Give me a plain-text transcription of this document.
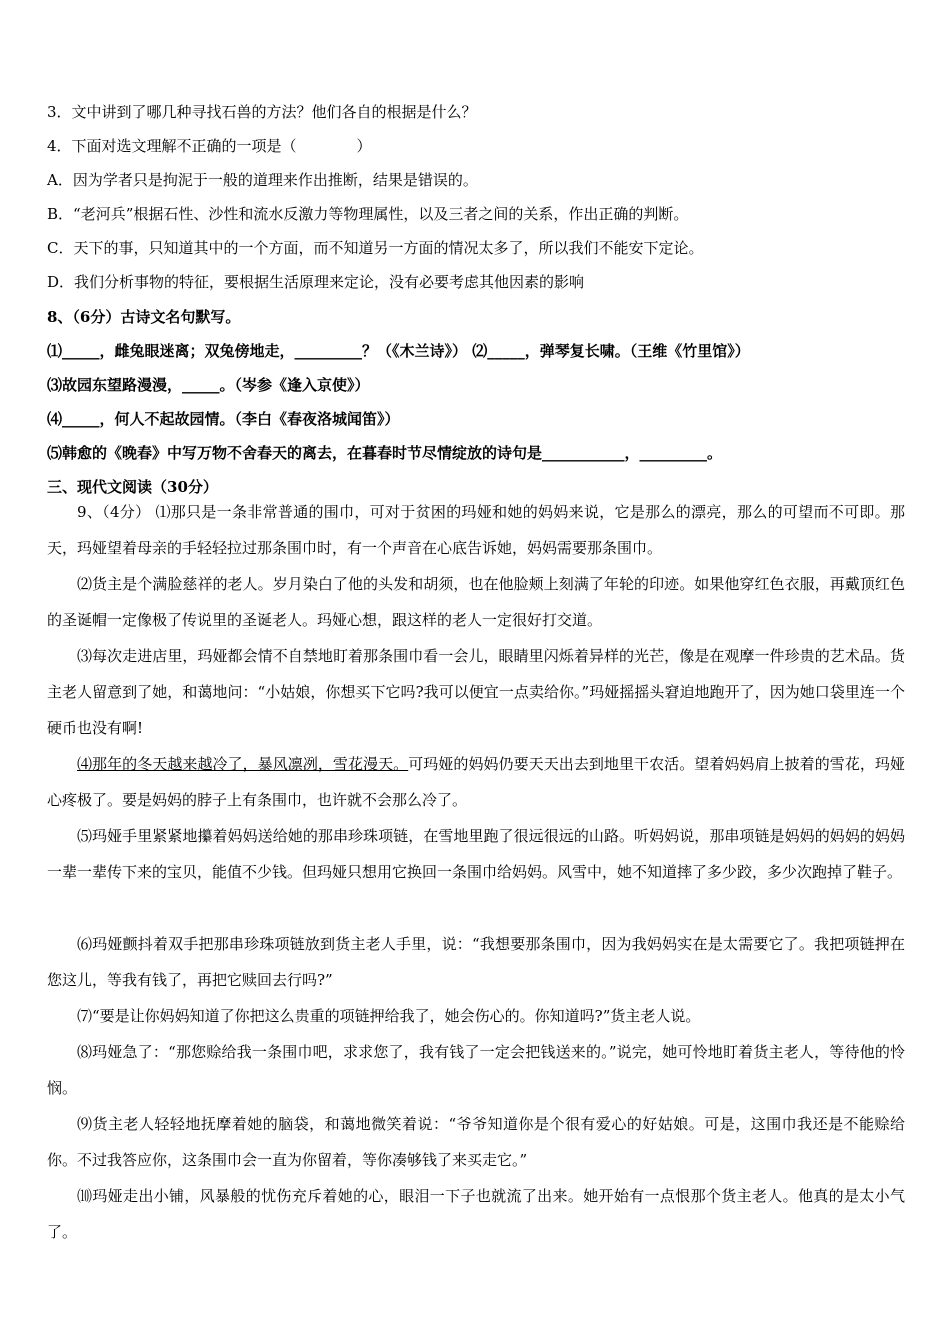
3．文中讲到了哪几种寻找石兽的方法？他们各自的根据是什么？
4．下面对选文理解不正确的一项是（　　　　）
A．因为学者只是拘泥于一般的道理来作出推断，结果是错误的。
B．“老河兵”根据石性、沙性和流水反激力等物理属性，以及三者之间的关系，作出正确的判断。
C．天下的事，只知道其中的一个方面，而不知道另一方面的情况太多了，所以我们不能安下定论。
D．我们分析事物的特征，要根据生活原理来定论，没有必要考虑其他因素的影响
8、（6分）古诗文名句默写。
⑴_____，雌兔眼迷离；双兔傍地走，_________？（《木兰诗》） ⑵_____，弹琴复长啸。（王维《竹里馆》）
⑶故园东望路漫漫，_____。（岑参《逢入京使》）
⑷_____，何人不起故园情。（李白《春夜洛城闻笛》）
⑸韩愈的《晚春》中写万物不舍春天的离去，在暮春时节尽情绽放的诗句是___________，_________。
三、现代文阅读（30分）
9、（4分） ⑴那只是一条非常普通的围巾，可对于贫困的玛娅和她的妈妈来说，它是那么的漂亮，那么的可望而不可即。那天，玛娅望着母亲的手轻轻拉过那条围巾时，有一个声音在心底告诉她，妈妈需要那条围巾。
⑵货主是个满脸慈祥的老人。岁月染白了他的头发和胡须，也在他脸颊上刻满了年轮的印迹。如果他穿红色衣服，再戴顶红色的圣诞帽一定像极了传说里的圣诞老人。玛娅心想，跟这样的老人一定很好打交道。
⑶每次走进店里，玛娅都会情不自禁地盯着那条围巾看一会儿，眼睛里闪烁着异样的光芒，像是在观摩一件珍贵的艺术品。货主老人留意到了她，和蔼地问：“小姑娘，你想买下它吗?我可以便宜一点卖给你。”玛娅摇摇头窘迫地跑开了，因为她口袋里连一个硬币也没有啊!
⑷那年的冬天越来越冷了，暴风凛冽，雪花漫天。可玛娅的妈妈仍要天天出去到地里干农活。望着妈妈肩上披着的雪花，玛娅心疼极了。要是妈妈的脖子上有条围巾，也许就不会那么冷了。
⑸玛娅手里紧紧地攥着妈妈送给她的那串珍珠项链，在雪地里跑了很远很远的山路。听妈妈说，那串项链是妈妈的妈妈的妈妈一辈一辈传下来的宝贝，能值不少钱。但玛娅只想用它换回一条围巾给妈妈。风雪中，她不知道摔了多少跤，多少次跑掉了鞋子。
⑹玛娅颤抖着双手把那串珍珠项链放到货主老人手里，说：“我想要那条围巾，因为我妈妈实在是太需要它了。我把项链押在您这儿，等我有钱了，再把它赎回去行吗?”
⑺“要是让你妈妈知道了你把这么贵重的项链押给我了，她会伤心的。你知道吗?”货主老人说。
⑻玛娅急了：“那您赊给我一条围巾吧，求求您了，我有钱了一定会把钱送来的。”说完，她可怜地盯着货主老人，等待他的怜悯。
⑼货主老人轻轻地抚摩着她的脑袋，和蔼地微笑着说：“爷爷知道你是个很有爱心的好姑娘。可是，这围巾我还是不能赊给你。不过我答应你，这条围巾会一直为你留着，等你凑够钱了来买走它。”
⑽玛娅走出小铺，风暴般的忧伤充斥着她的心，眼泪一下子也就流了出来。她开始有一点恨那个货主老人。他真的是太小气了。
